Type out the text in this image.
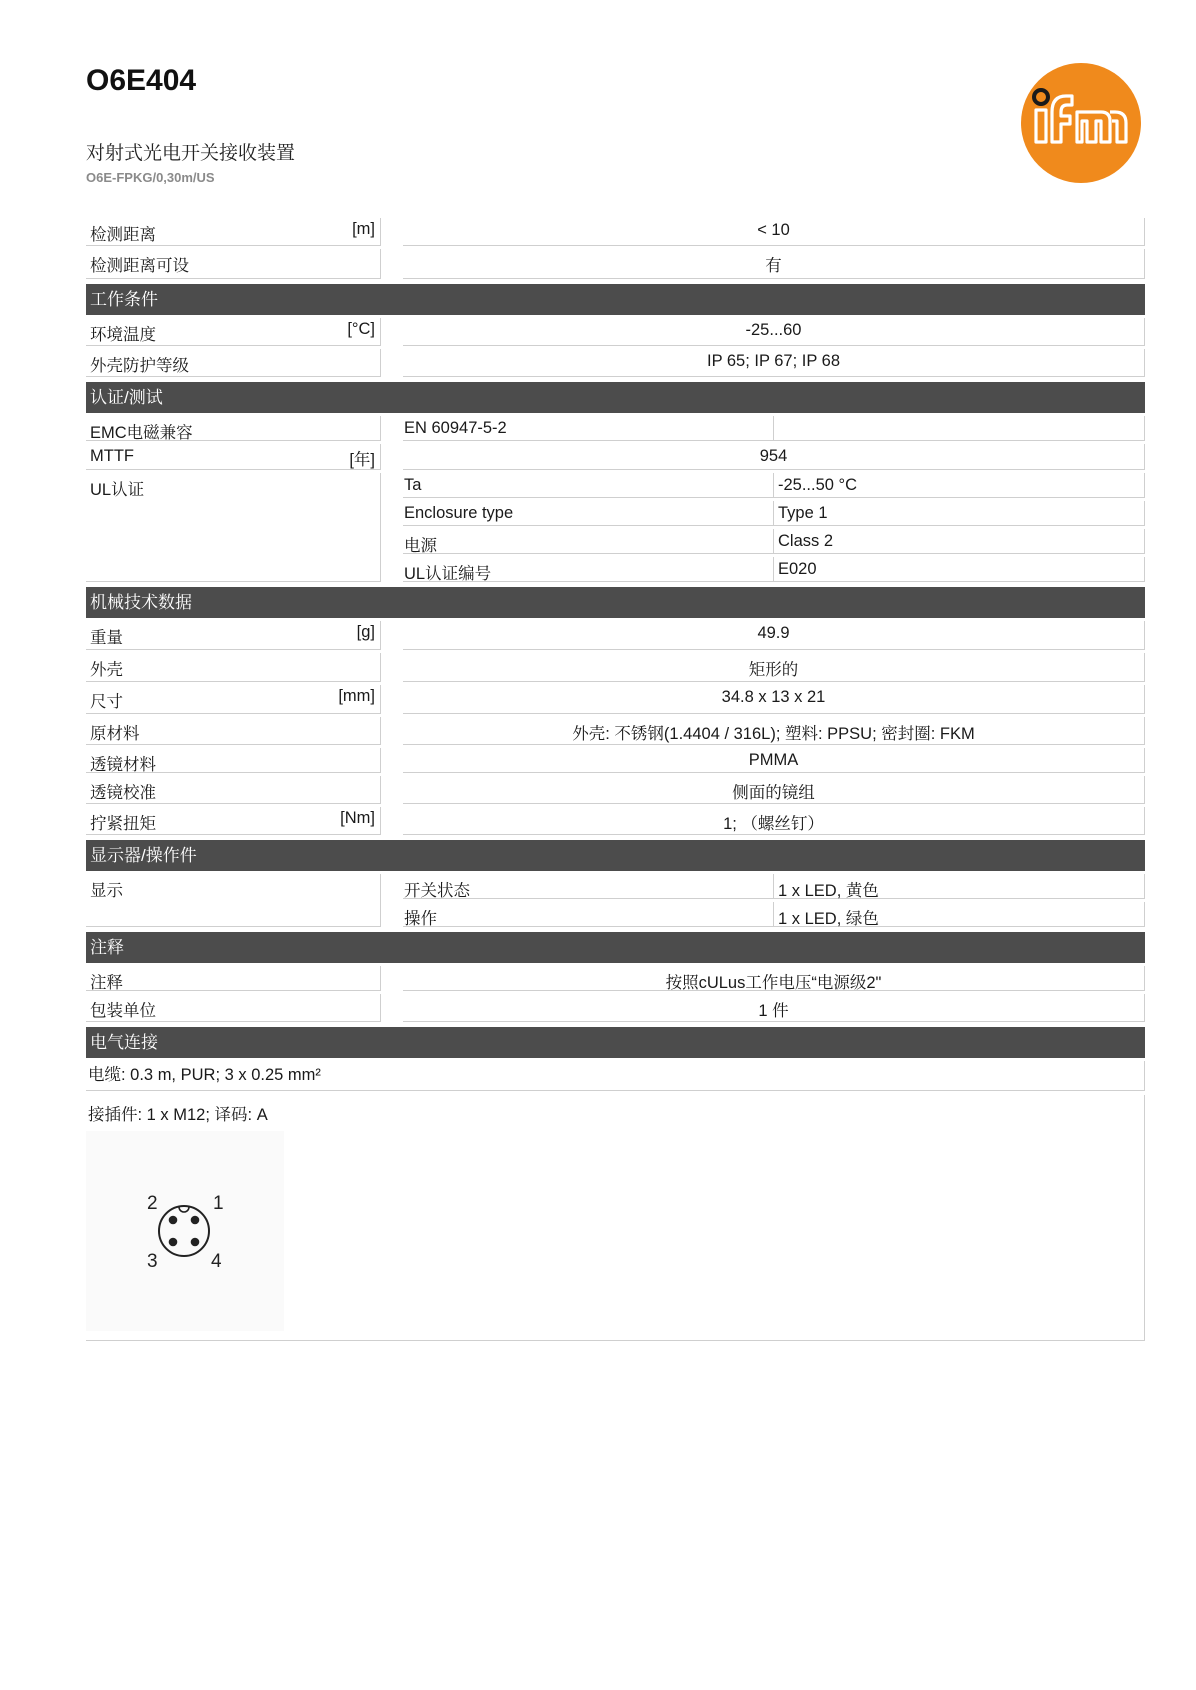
O6E404
对射式光电开关接收装置
O6E-FPKG/0,30m/US
检测距离	[m]	< 10
检测距离可设	有
工作条件
环境温度	[°C]	-25...60
外壳防护等级	IP 65; IP 67; IP 68
认证/测试
EMC电磁兼容	EN 60947-5-2
MTTF	[年]	954
UL认证	Ta	-25...50 °C
Enclosure type	Type 1
电源	Class 2
UL认证编号	E020
机械技术数据
重量	[g]	49.9
外壳	矩形的
尺寸	[mm]	34.8 x 13 x 21
原材料	外壳: 不锈钢(1.4404 / 316L); 塑料: PPSU; 密封圈: FKM
透镜材料	PMMA
透镜校准	侧面的镜组
拧紧扭矩	[Nm]	1; （螺丝钉）
显示器/操作件
显示	开关状态	1 x LED, 黄色
操作	1 x LED, 绿色
注释
注释	按照cULus工作电压“电源级2"
包装单位	1 件
电气连接
电缆: 0.3 m, PUR; 3 x 0.25 mm²
接插件: 1 x M12; 译码: A
1
2
3	4
